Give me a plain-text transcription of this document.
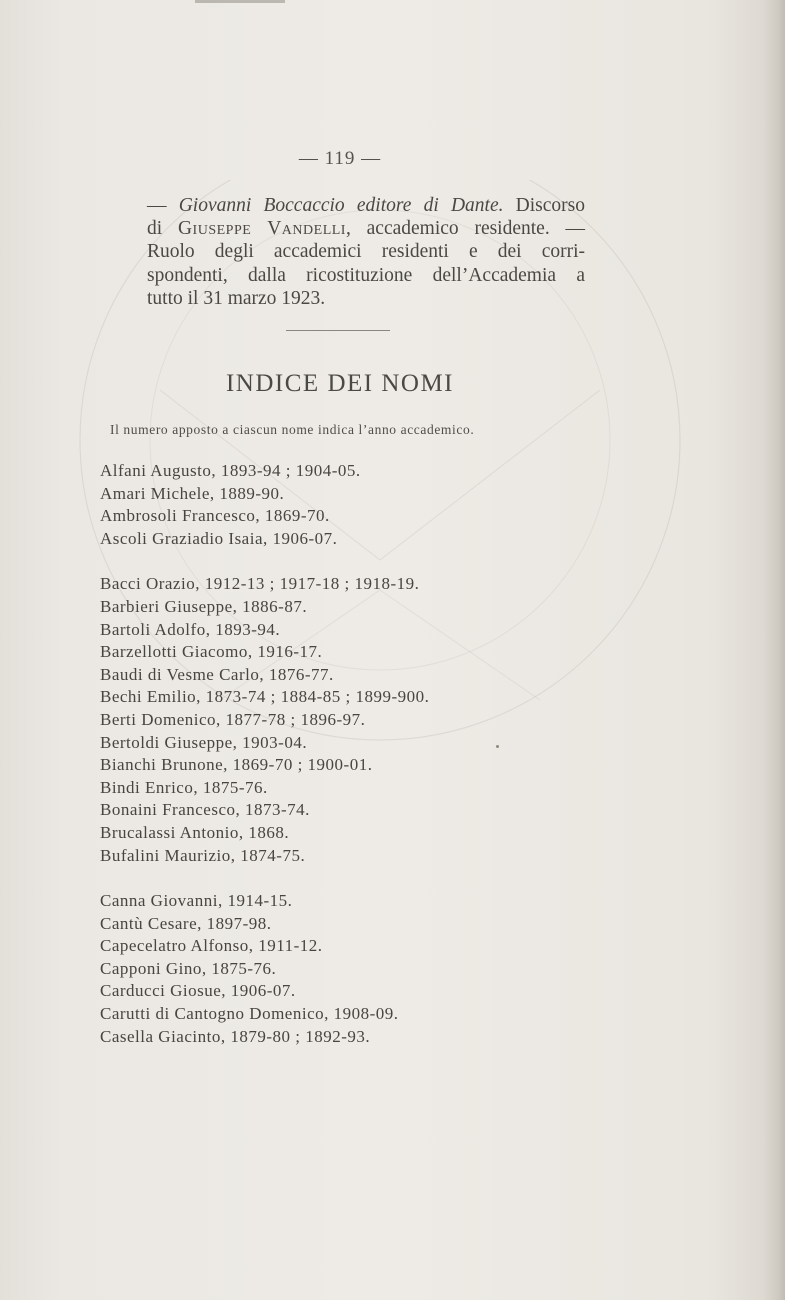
— 119 —
— Giovanni Boccaccio editore di Dante. Discorso
di Giuseppe Vandelli, accademico residente. —
Ruolo degli accademici residenti e dei corri-
spondenti, dalla ricostituzione dell’Accademia a
tutto il 31 marzo 1923.
INDICE DEI NOMI
Il numero apposto a ciascun nome indica l’anno accademico.
Alfani Augusto, 1893-94 ; 1904-05.
Amari Michele, 1889-90.
Ambrosoli Francesco, 1869-70.
Ascoli Graziadio Isaia, 1906-07.
Bacci Orazio, 1912-13 ; 1917-18 ; 1918-19.
Barbieri Giuseppe, 1886-87.
Bartoli Adolfo, 1893-94.
Barzellotti Giacomo, 1916-17.
Baudi di Vesme Carlo, 1876-77.
Bechi Emilio, 1873-74 ; 1884-85 ; 1899-900.
Berti Domenico, 1877-78 ; 1896-97.
Bertoldi Giuseppe, 1903-04.
Bianchi Brunone, 1869-70 ; 1900-01.
Bindi Enrico, 1875-76.
Bonaini Francesco, 1873-74.
Brucalassi Antonio, 1868.
Bufalini Maurizio, 1874-75.
Canna Giovanni, 1914-15.
Cantù Cesare, 1897-98.
Capecelatro Alfonso, 1911-12.
Capponi Gino, 1875-76.
Carducci Giosue, 1906-07.
Carutti di Cantogno Domenico, 1908-09.
Casella Giacinto, 1879-80 ; 1892-93.
